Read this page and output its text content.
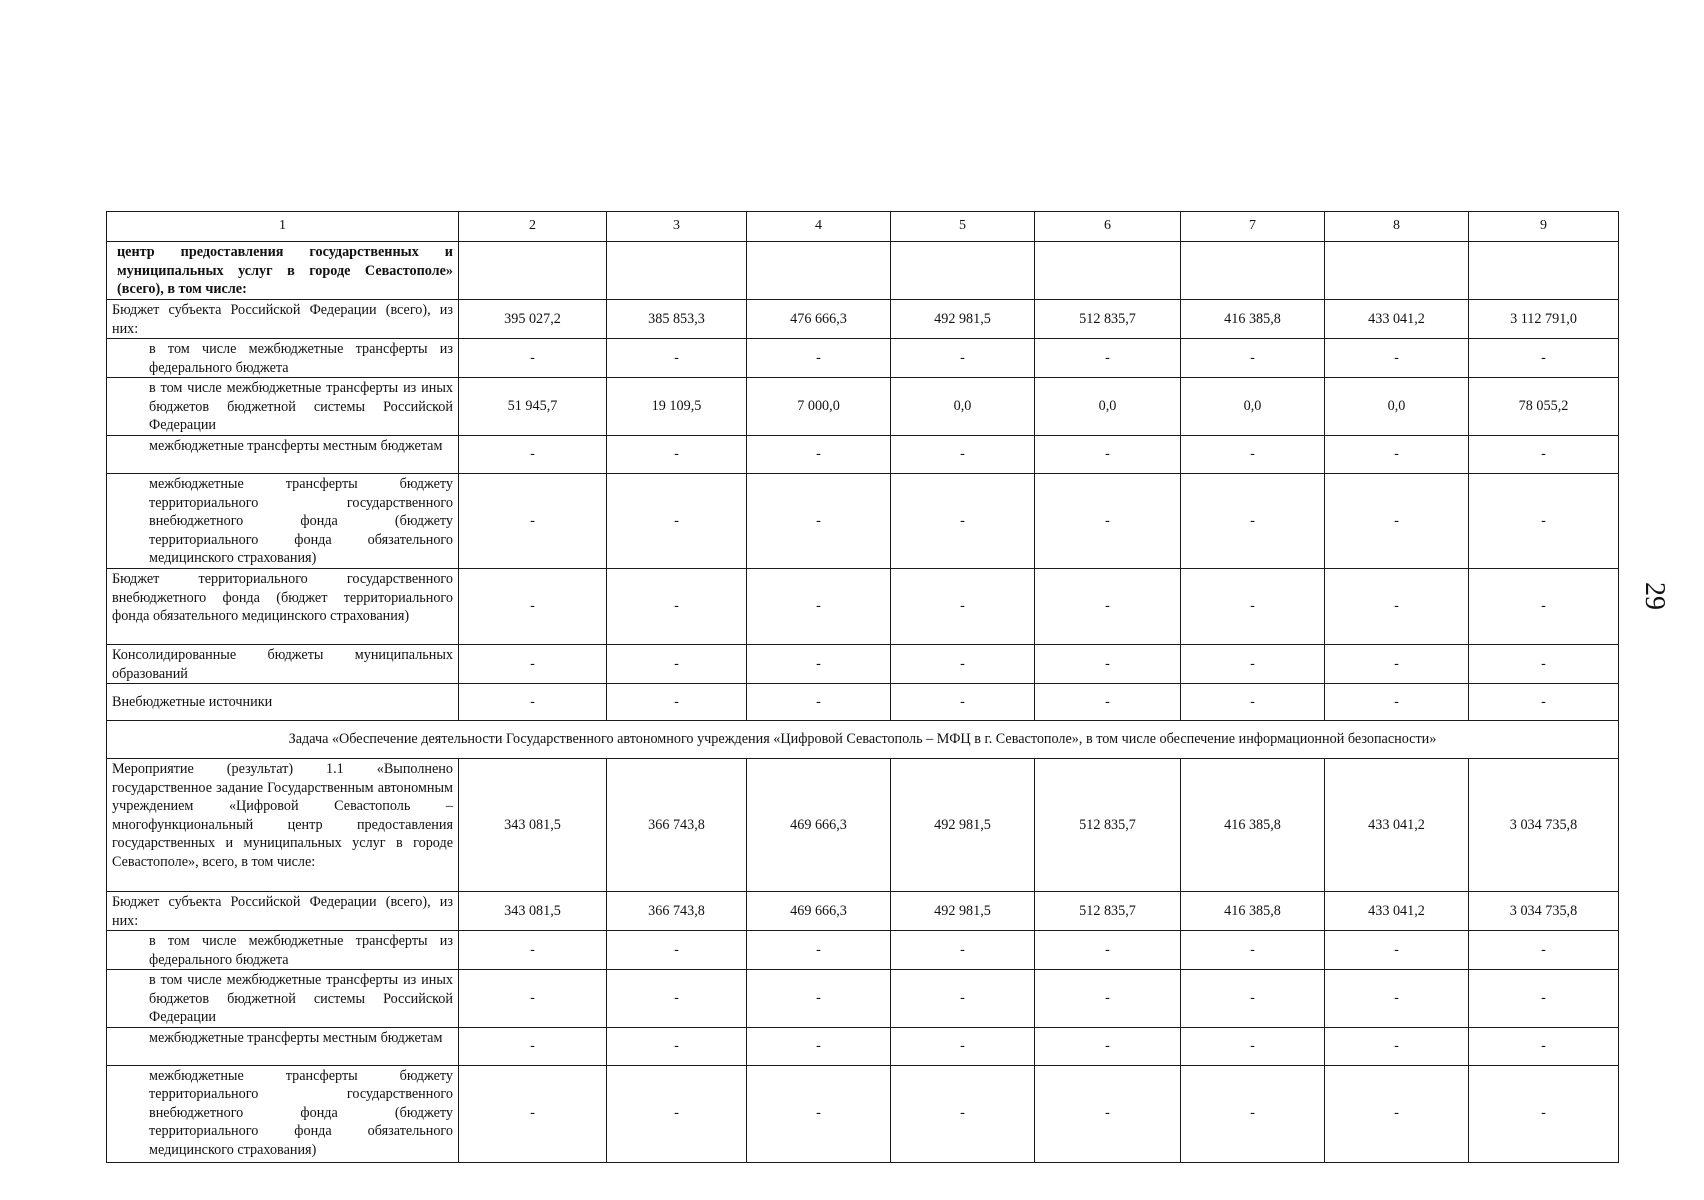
1	2	3	4	5	6	7	8	9
центр предоставления государственных и муниципальных услуг в городе Севастополе» (всего), в том числе:								
Бюджет субъекта Российской Федерации (всего), из них:	395 027,2	385 853,3	476 666,3	492 981,5	512 835,7	416 385,8	433 041,2	3 112 791,0
в том числе межбюджетные трансферты из федерального бюджета	-	-	-	-	-	-	-	-
в том числе межбюджетные трансферты из иных бюджетов бюджетной системы Российской Федерации	51 945,7	19 109,5	7 000,0	0,0	0,0	0,0	0,0	78 055,2
межбюджетные трансферты местным бюджетам	-	-	-	-	-	-	-	-
межбюджетные трансферты бюджету территориального государственного внебюджетного фонда (бюджету территориального фонда обязательного медицинского страхования)	-	-	-	-	-	-	-	-
Бюджет территориального государственного внебюджетного фонда (бюджет территориального фонда обязательного медицинского страхования)	-	-	-	-	-	-	-	-
Консолидированные бюджеты муниципальных образований	-	-	-	-	-	-	-	-
Внебюджетные источники	-	-	-	-	-	-	-	-
Задача «Обеспечение деятельности Государственного автономного учреждения «Цифровой Севастополь – МФЦ в г. Севастополе», в том числе обеспечение информационной безопасности»								
Мероприятие (результат) 1.1 «Выполнено государственное задание Государственным автономным учреждением «Цифровой Севастополь – многофункциональный центр предоставления государственных и муниципальных услуг в городе Севастополе», всего, в том числе:	343 081,5	366 743,8	469 666,3	492 981,5	512 835,7	416 385,8	433 041,2	3 034 735,8
Бюджет субъекта Российской Федерации (всего), из них:	343 081,5	366 743,8	469 666,3	492 981,5	512 835,7	416 385,8	433 041,2	3 034 735,8
в том числе межбюджетные трансферты из федерального бюджета	-	-	-	-	-	-	-	-
в том числе межбюджетные трансферты из иных бюджетов бюджетной системы Российской Федерации	-	-	-	-	-	-	-	-
межбюджетные трансферты местным бюджетам	-	-	-	-	-	-	-	-
межбюджетные трансферты бюджету территориального государственного внебюджетного фонда (бюджету территориального фонда обязательного медицинского страхования)	-	-	-	-	-	-	-	-
29
